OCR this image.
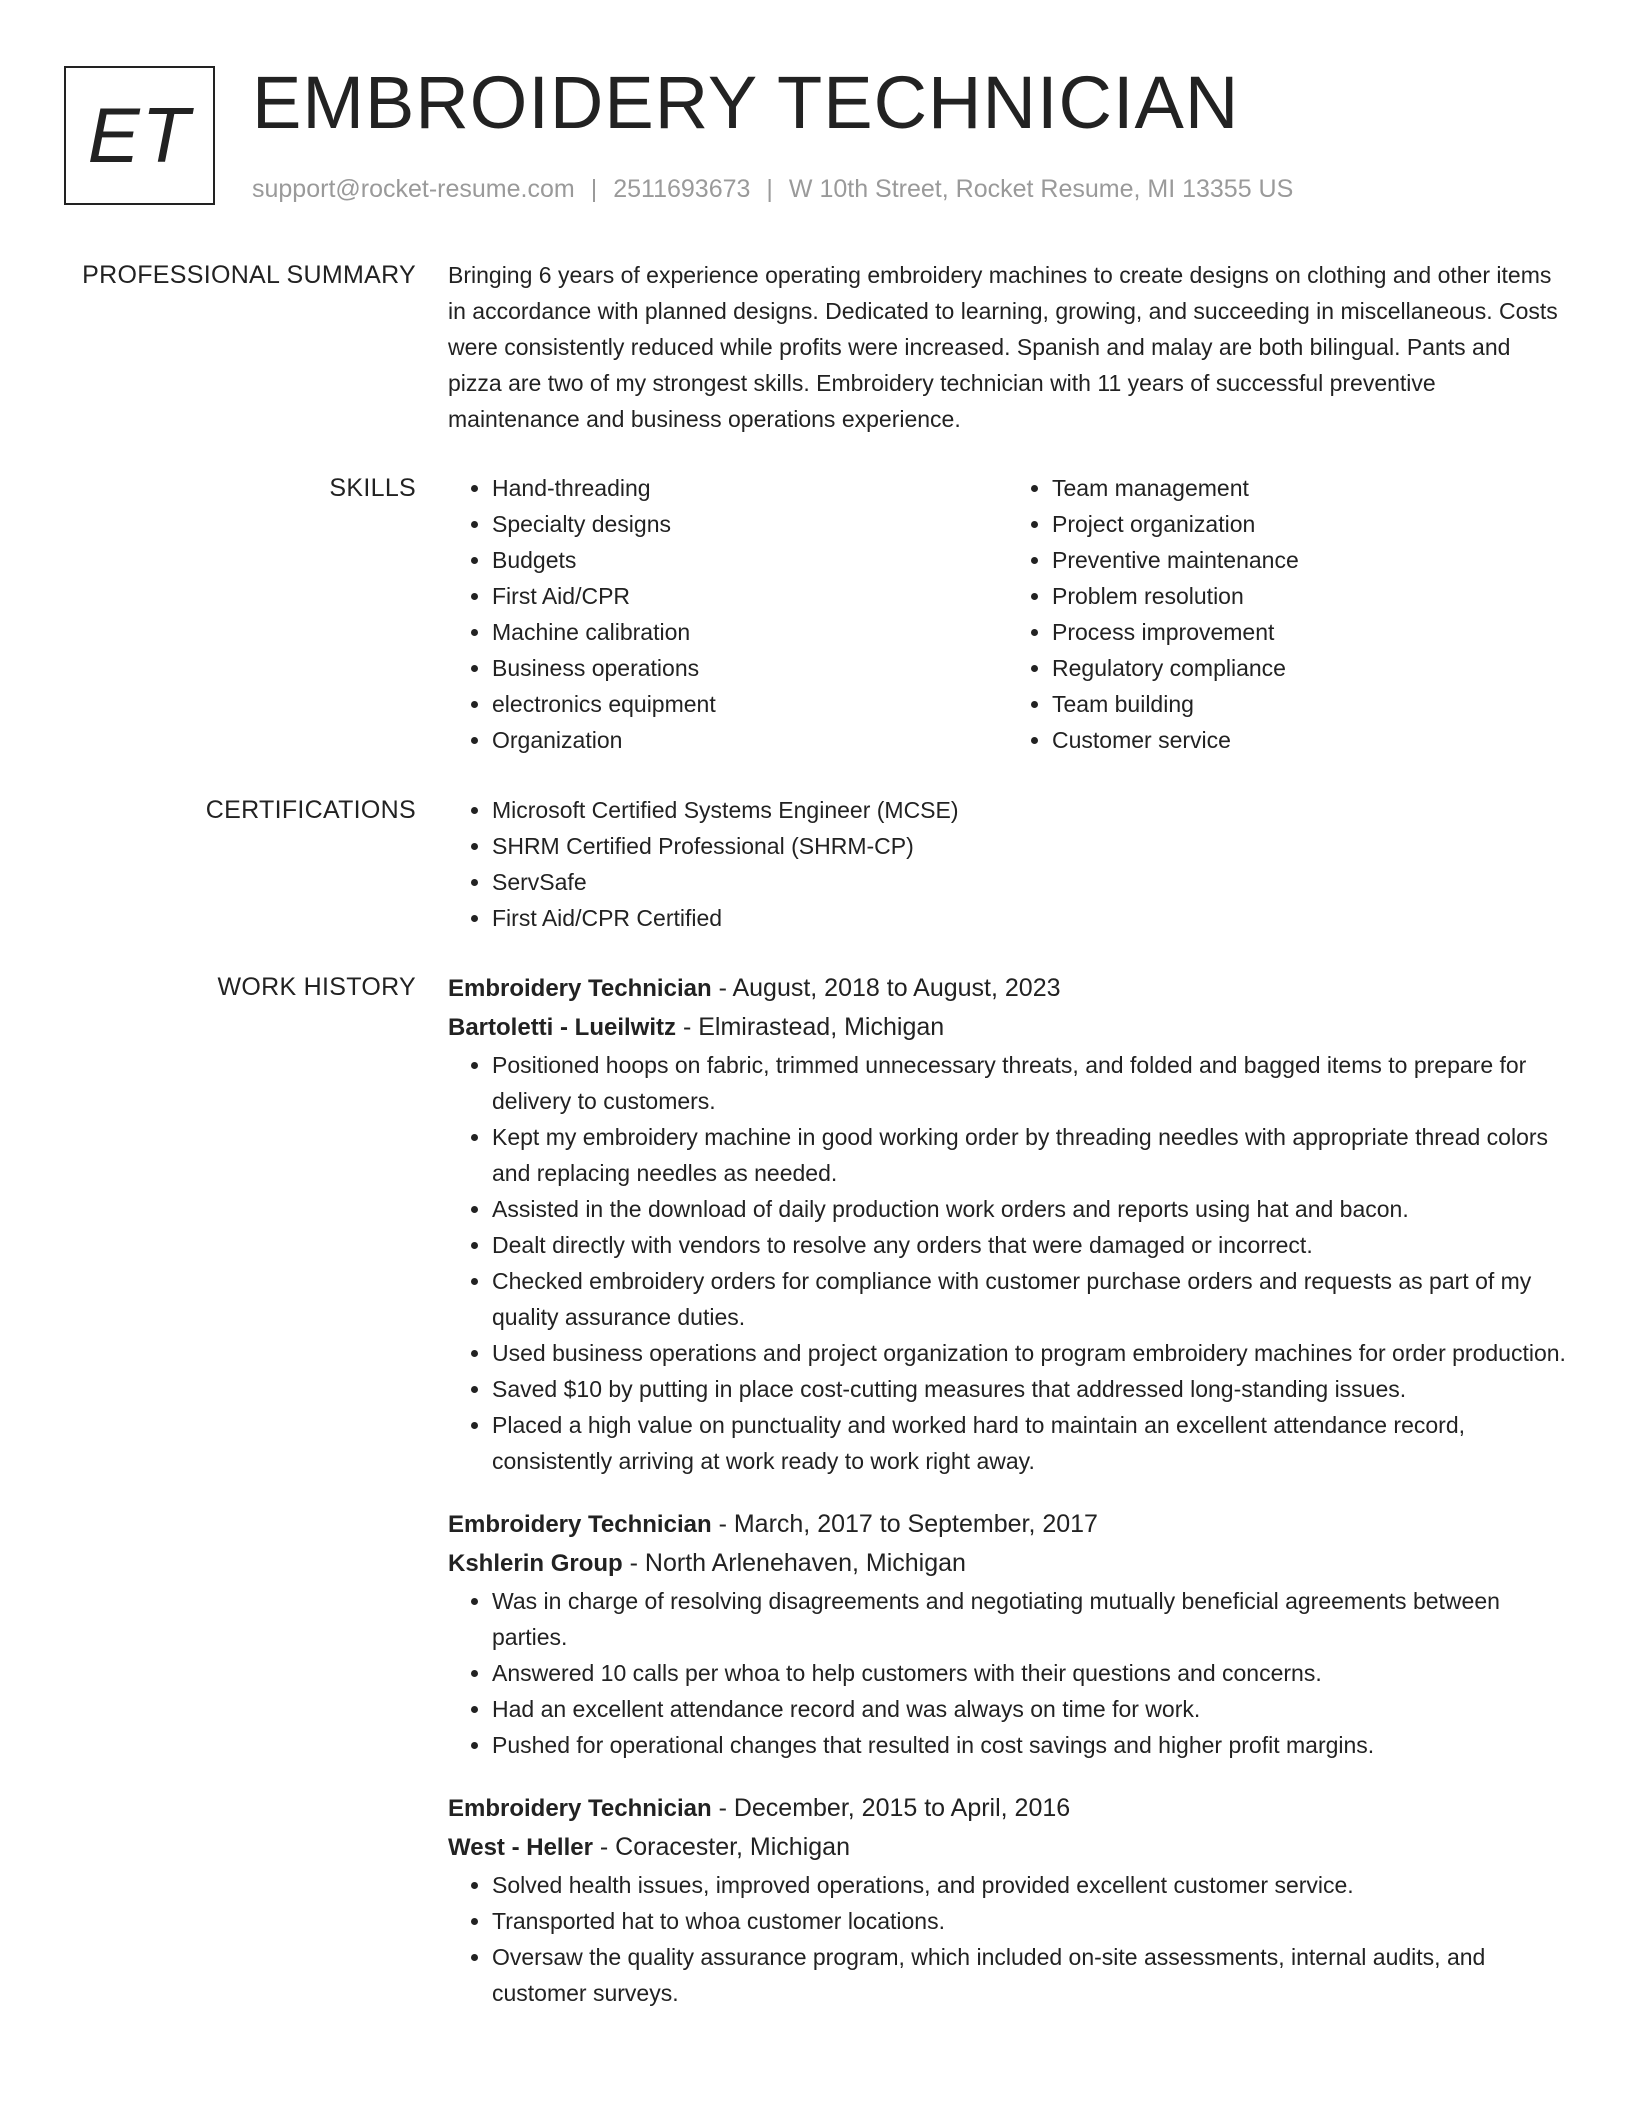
ET EMBROIDERY TECHNICIAN
support@rocket-resume.com | 2511693673 | W 10th Street, Rocket Resume, MI 13355 US
PROFESSIONAL SUMMARY Bringing 6 years of experience operating embroidery machines to create designs on clothing and other items in accordance with planned designs. Dedicated to learning, growing, and succeeding in miscellaneous. Costs were consistently reduced while profits were increased. Spanish and malay are both bilingual. Pants and pizza are two of my strongest skills. Embroidery technician with 11 years of successful preventive maintenance and business operations experience.

SKILLS	• Hand-threading
• Specialty designs
• Budgets
• First Aid/CPR
• Machine calibration
• Business operations
• electronics equipment
• Organization
• Team management
• Project organization
• Preventive maintenance
• Problem resolution
• Process improvement
• Regulatory compliance
• Team building
• Customer service
CERTIFICATIONS	• Microsoft Certified Systems Engineer (MCSE)
• SHRM Certified Professional (SHRM-CP)
• ServSafe
• First Aid/CPR Certified
WORK HISTORY Embroidery Technician - August, 2018 to August, 2023
Bartoletti - Lueilwitz - Elmirastead, Michigan
• Positioned hoops on fabric, trimmed unnecessary threats, and folded and bagged items to prepare for delivery to customers.
• Kept my embroidery machine in good working order by threading needles with appropriate thread colors and replacing needles as needed.
• Assisted in the download of daily production work orders and reports using hat and bacon.
• Dealt directly with vendors to resolve any orders that were damaged or incorrect.
• Checked embroidery orders for compliance with customer purchase orders and requests as part of my quality assurance duties.
• Used business operations and project organization to program embroidery machines for order production.
• Saved $10 by putting in place cost-cutting measures that addressed long-standing issues.
• Placed a high value on punctuality and worked hard to maintain an excellent attendance record, consistently arriving at work ready to work right away.
Embroidery Technician - March, 2017 to September, 2017
Kshlerin Group - North Arlenehaven, Michigan
• Was in charge of resolving disagreements and negotiating mutually beneficial agreements between parties.
• Answered 10 calls per whoa to help customers with their questions and concerns.
• Had an excellent attendance record and was always on time for work.
• Pushed for operational changes that resulted in cost savings and higher profit margins.
Embroidery Technician - December, 2015 to April, 2016
West - Heller - Coracester, Michigan
• Solved health issues, improved operations, and provided excellent customer service.
• Transported hat to whoa customer locations.
• Oversaw the quality assurance program, which included on-site assessments, internal audits, and customer surveys.
